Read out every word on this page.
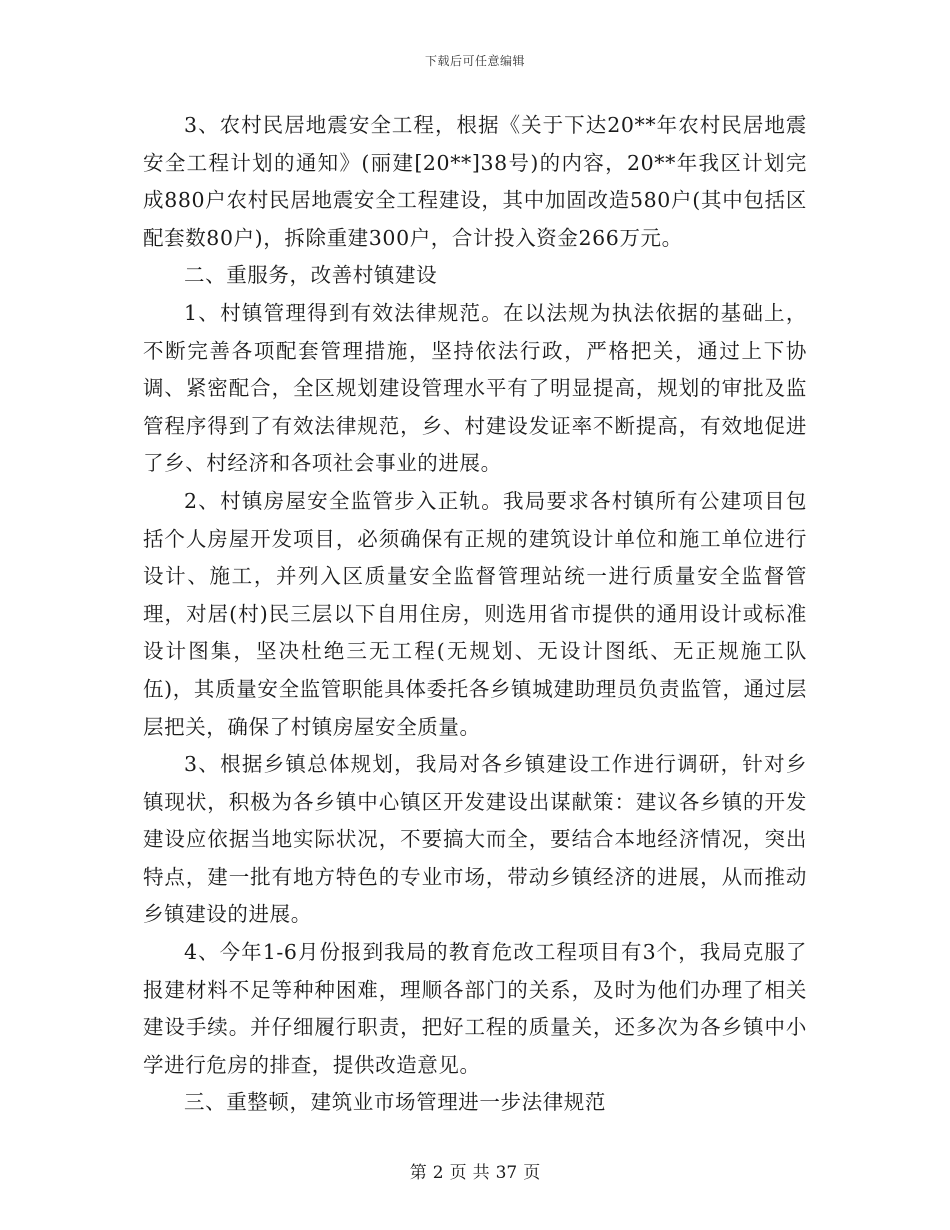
下载后可任意编辑

3、农村民居地震安全工程，根据《关于下达20**年农村民居地震安全工程计划的通知》(丽建[20**]38号)的内容，20**年我区计划完成880户农村民居地震安全工程建设，其中加固改造580户(其中包括区配套数80户)，拆除重建300户，合计投入资金266万元。

二、重服务，改善村镇建设

1、村镇管理得到有效法律规范。在以法规为执法依据的基础上，不断完善各项配套管理措施，坚持依法行政，严格把关，通过上下协调、紧密配合，全区规划建设管理水平有了明显提高，规划的审批及监管程序得到了有效法律规范，乡、村建设发证率不断提高，有效地促进了乡、村经济和各项社会事业的进展。

2、村镇房屋安全监管步入正轨。我局要求各村镇所有公建项目包括个人房屋开发项目，必须确保有正规的建筑设计单位和施工单位进行设计、施工，并列入区质量安全监督管理站统一进行质量安全监督管理，对居(村)民三层以下自用住房，则选用省市提供的通用设计或标准设计图集，坚决杜绝三无工程(无规划、无设计图纸、无正规施工队伍)，其质量安全监管职能具体委托各乡镇城建助理员负责监管，通过层层把关，确保了村镇房屋安全质量。

3、根据乡镇总体规划，我局对各乡镇建设工作进行调研，针对乡镇现状，积极为各乡镇中心镇区开发建设出谋献策：建议各乡镇的开发建设应依据当地实际状况，不要搞大而全，要结合本地经济情况，突出特点，建一批有地方特色的专业市场，带动乡镇经济的进展，从而推动乡镇建设的进展。

4、今年1-6月份报到我局的教育危改工程项目有3个，我局克服了报建材料不足等种种困难，理顺各部门的关系，及时为他们办理了相关建设手续。并仔细履行职责，把好工程的质量关，还多次为各乡镇中小学进行危房的排查，提供改造意见。

三、重整顿，建筑业市场管理进一步法律规范

第 2 页 共 37 页
